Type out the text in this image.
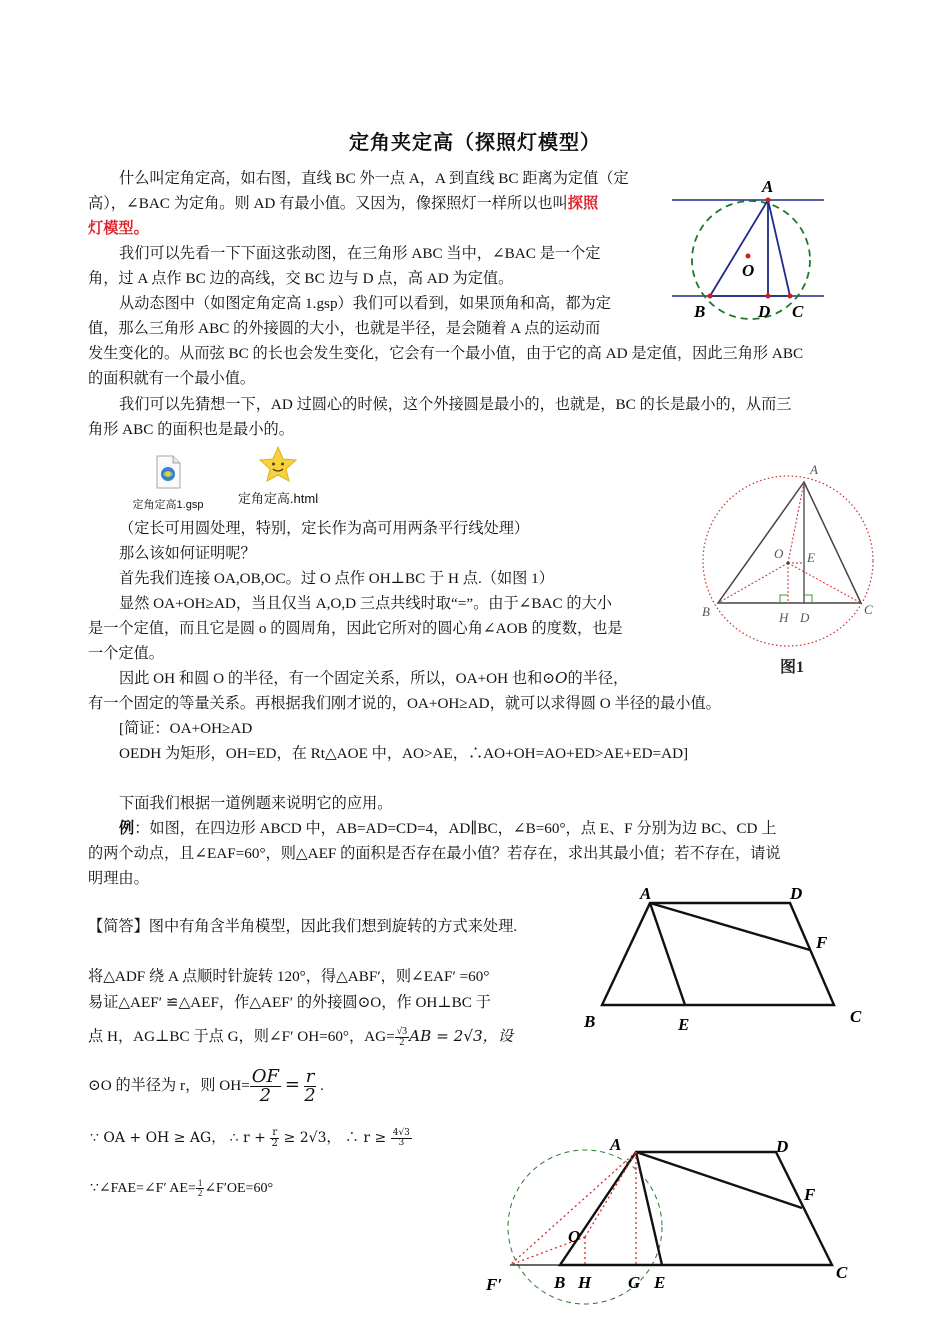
定角夹定高（探照灯模型）
什么叫定角定高，如右图，直线 BC 外一点 A，A 到直线 BC 距离为定值（定
高），∠BAC 为定角。则 AD 有最小值。又因为，像探照灯一样所以也叫探照
灯模型。
我们可以先看一下下面这张动图，在三角形 ABC 当中，∠BAC 是一个定
角，过 A 点作 BC 边的高线，交 BC 边与 D 点，高 AD 为定值。
从动态图中（如图定角定高 1.gsp）我们可以看到，如果顶角和高，都为定
值，那么三角形 ABC 的外接圆的大小，也就是半径，是会随着 A 点的运动而
发生变化的。从而弦 BC 的长也会发生变化，它会有一个最小值，由于它的高 AD 是定值，因此三角形 ABC
的面积就有一个最小值。
我们可以先猜想一下，AD 过圆心的时候，这个外接圆是最小的，也就是，BC 的长是最小的，从而三
角形 ABC 的面积也是最小的。
A
B	D C
O
定角定高1.gsp	定角定高.html
A
B	C
O E
H D
图1
（定长可用圆处理，特别，定长作为高可用两条平行线处理）
那么该如何证明呢？
首先我们连接 OA,OB,OC。过 O 点作 OH⊥BC 于 H 点.（如图 1）
显然 OA+OH≥AD，当且仅当 A,O,D 三点共线时取“=”。由于∠BAC 的大小
是一个定值，而且它是圆 o 的圆周角，因此它所对的圆心角∠AOB 的度数，也是
一个定值。
因此 OH 和圆 O 的半径，有一个固定关系，所以，OA+OH 也和⊙O的半径，
有一个固定的等量关系。再根据我们刚才说的，OA+OH≥AD，就可以求得圆 O 半径的最小值。
[简证：OA+OH≥AD
OEDH 为矩形，OH=ED，在 Rt△AOE 中，AO>AE，∴AO+OH=AO+ED>AE+ED=AD]
下面我们根据一道例题来说明它的应用。
例：如图，在四边形 ABCD 中，AB=AD=CD=4，AD∥BC，∠B=60°，点 E、F 分别为边 BC、CD 上
的两个动点，且∠EAF=60°，则△AEF 的面积是否存在最小值？若存在，求出其最小值；若不存在，请说
明理由。
A	D
F
B	E	C
【简答】图中有角含半角模型，因此我们想到旋转的方式来处理.
将△ADF 绕 A 点顺时针旋转 120°，得△ABF′，则∠EAF′ =60°
易证△AEF′ ≌△AEF，作△AEF′ 的外接圆⊙O，作 OH⊥BC 于
点 H，AG⊥BC 于点 G，则∠F′ OH=60°，$AG= \frac{√3}{2}$ AB = 2√3，设
⊙O 的半径为 r，则 $OH= \frac{OF}{2} = \frac{r}{2}$ .
∵ OA + OH ≥ AG， ∴ $r + \frac{r}{2} \ge 2√3$， ∴ $r \ge \frac{4√3}{3}$
∵∠FAE=∠F′ $AE= \frac{1}{2}$ ∠F′OE=60°
A	D
F
O
F′	B H G E
C
